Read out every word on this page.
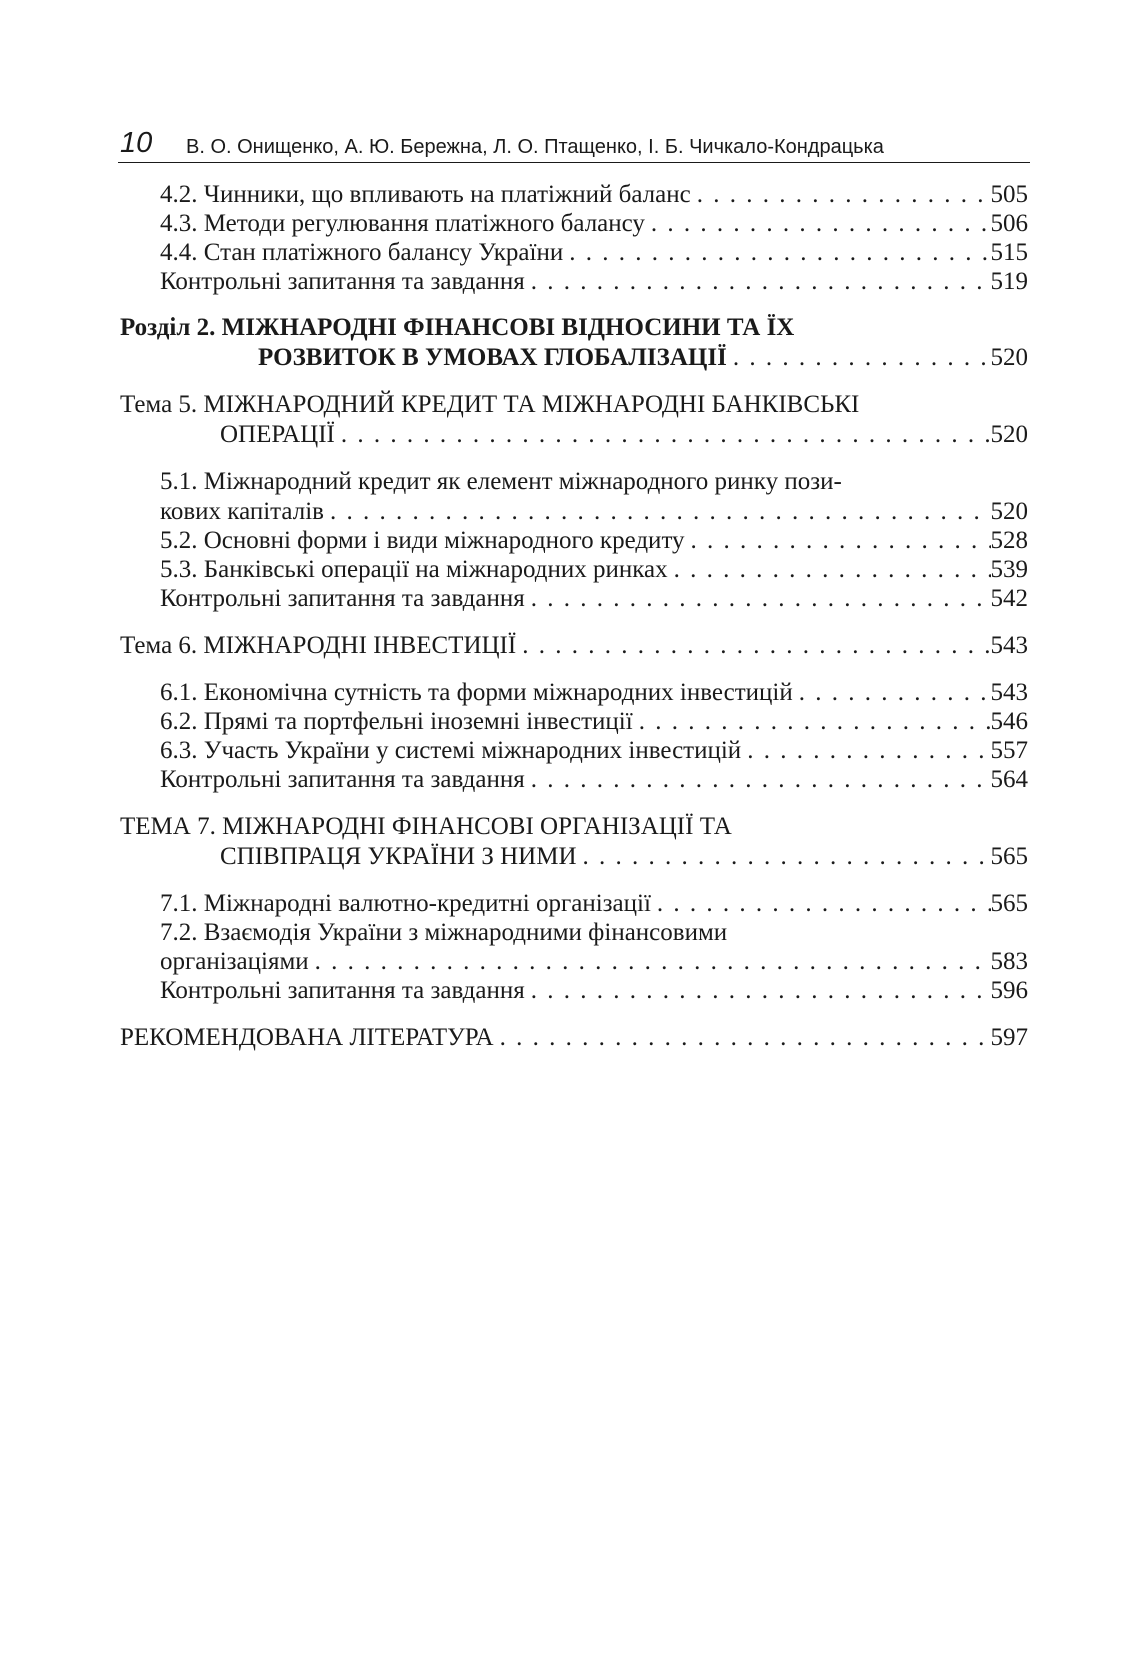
10 В. О. Онищенко, А. Ю. Бережна, Л. О. Птащенко, І. Б. Чичкало-Кондрацька
4.2. Чинники, що впливають на платіжний баланс . . .	505
4.3. Методи регулювання платіжного балансу . . .	506
4.4. Стан платіжного балансу України . . .	515
Контрольні запитання та завдання . . .	519
Розділ 2. МІЖНАРОДНІ ФІНАНСОВІ ВІДНОСИНИ ТА ЇХ
РОЗВИТОК В УМОВАХ ГЛОБАЛІЗАЦІЇ . . .	520
Тема 5. МІЖНАРОДНИЙ КРЕДИТ ТА МІЖНАРОДНІ БАНКІВСЬКІ
ОПЕРАЦІЇ . . .	520
5.1. Міжнародний кредит як елемент міжнародного ринку пози-
кових капіталів . . .	520
5.2. Основні форми і види міжнародного кредиту . . .	528
5.3. Банківські операції на міжнародних ринках . . .	539
Контрольні запитання та завдання . . .	542
Тема 6. МІЖНАРОДНІ ІНВЕСТИЦІЇ . . .	543
6.1. Економічна сутність та форми міжнародних інвестицій . . .	543
6.2. Прямі та портфельні іноземні інвестиції . . .	546
6.3. Участь України у системі міжнародних інвестицій . . .	557
Контрольні запитання та завдання . . .	564
ТЕМА 7. МІЖНАРОДНІ ФІНАНСОВІ ОРГАНІЗАЦІЇ ТА
СПІВПРАЦЯ УКРАЇНИ З НИМИ . . .	565
7.1. Міжнародні валютно-кредитні організації . . .	565
7.2. Взаємодія України з міжнародними фінансовими
організаціями . . .	583
Контрольні запитання та завдання . . .	596
РЕКОМЕНДОВАНА ЛІТЕРАТУРА . . .	597
